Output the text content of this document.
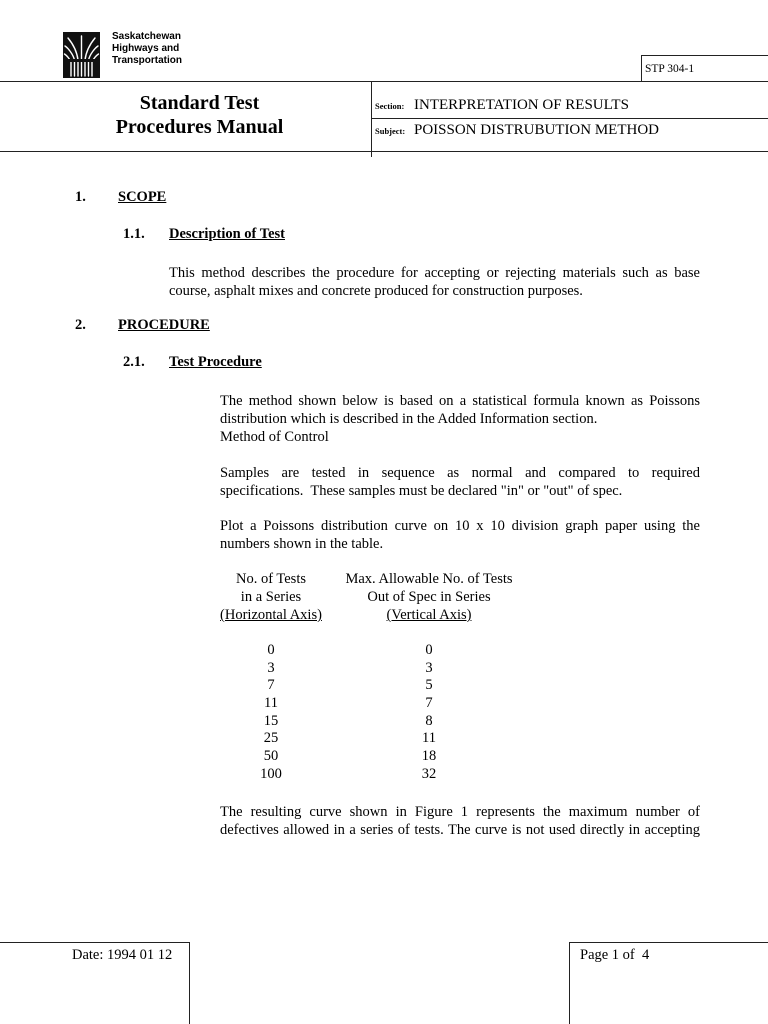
Saskatchewan
Highways and
Transportation
STP 304-1
Standard Test
Procedures Manual
Section: INTERPRETATION OF RESULTS
Subject: POISSON DISTRUBUTION METHOD
1. SCOPE
1.1. Description of Test
This method describes the procedure for accepting or rejecting materials such as base
course, asphalt mixes and concrete produced for construction purposes.
2. PROCEDURE
2.1. Test Procedure
The method shown below is based on a statistical formula known as Poissons
distribution which is described in the Added Information section.
Method of Control
Samples are tested in sequence as normal and compared to required
specifications.  These samples must be declared "in" or "out" of spec.
Plot a Poissons distribution curve on 10 x 10 division graph paper using the
numbers shown in the table.
No. of Tests	Max. Allowable No. of Tests
in a Series	Out of Spec in Series
(Horizontal Axis)	(Vertical Axis)
0	0
3	3
7	5
11	7
15	8
25	11
50	18
100	32
The resulting curve shown in Figure 1 represents the maximum number of
defectives allowed in a series of tests. The curve is not used directly in accepting
Date: 1994 01 12	Page 1 of  4
